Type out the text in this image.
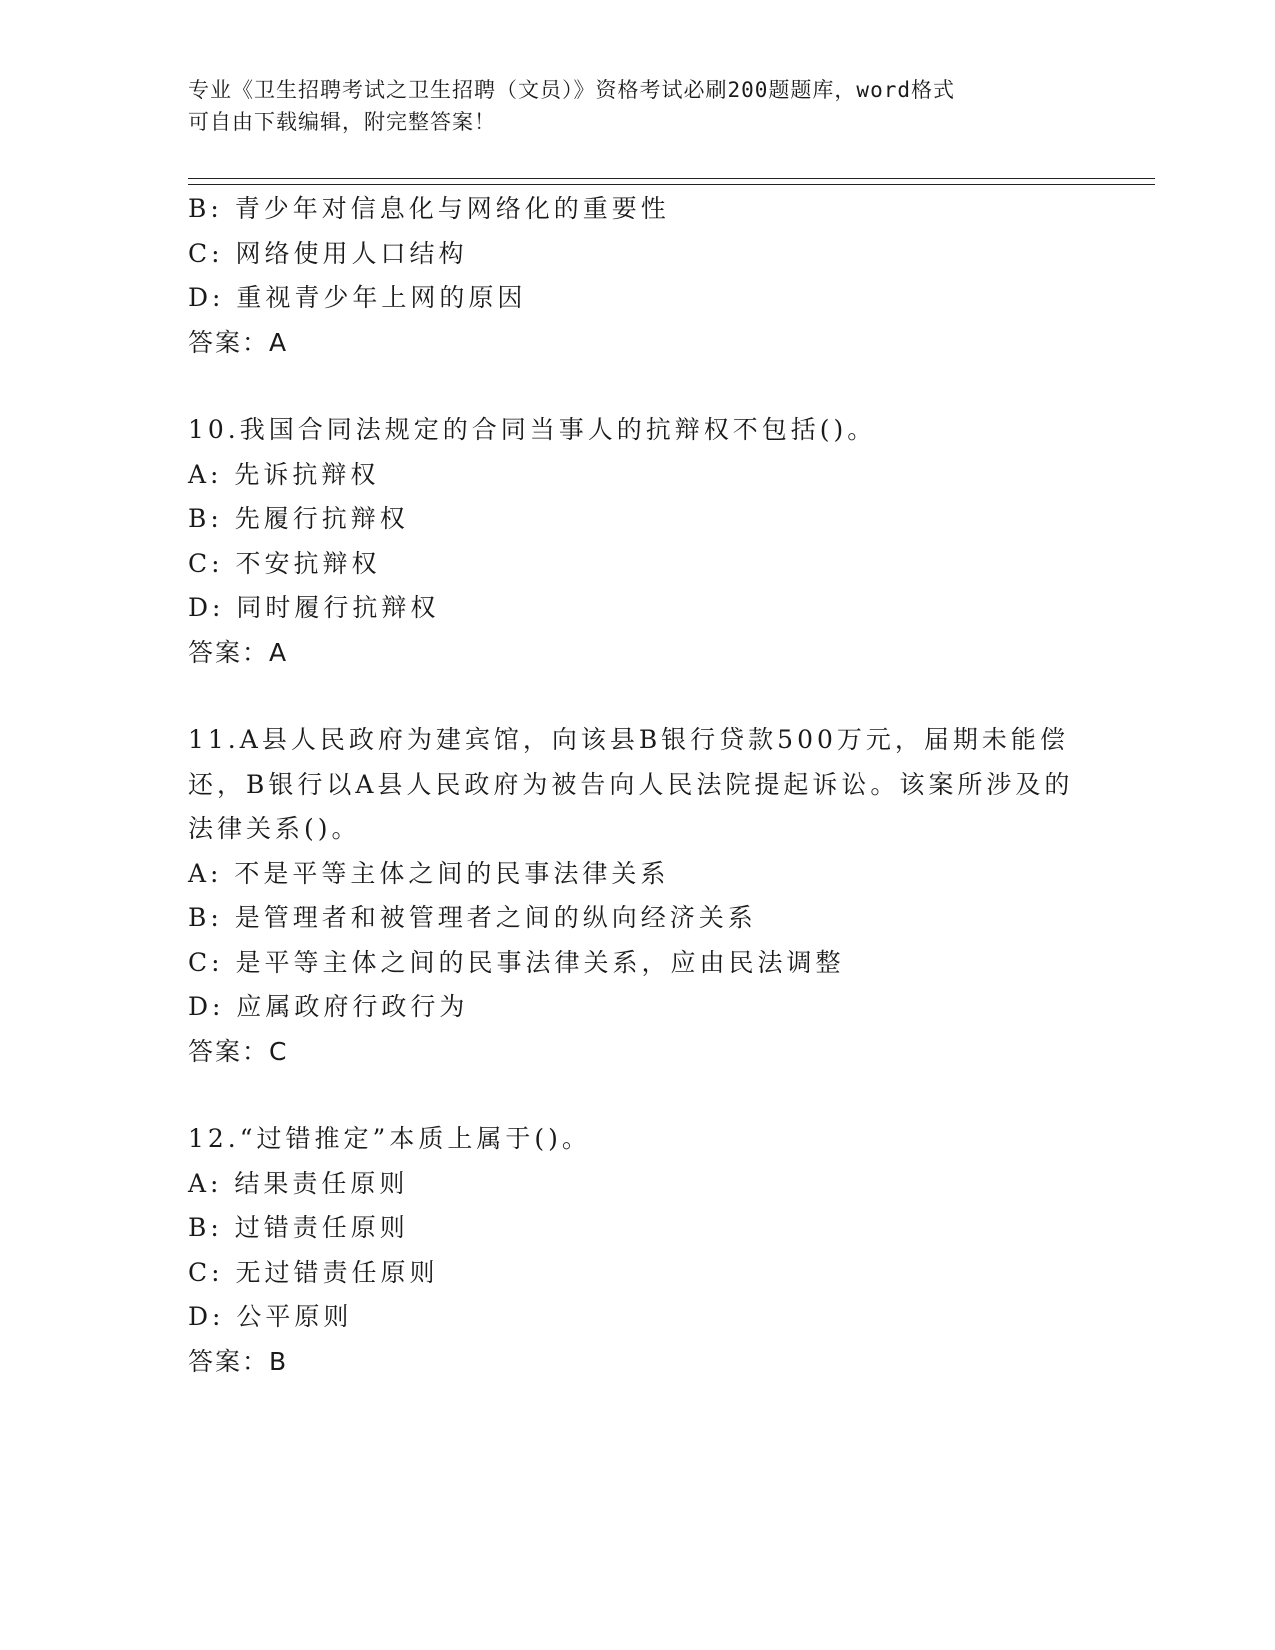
专业《卫生招聘考试之卫生招聘（文员）》资格考试必刷200题题库，word格式
可自由下载编辑，附完整答案！
B: 青少年对信息化与网络化的重要性
C: 网络使用人口结构
D: 重视青少年上网的原因
答案：A
10.我国合同法规定的合同当事人的抗辩权不包括()。
A: 先诉抗辩权
B: 先履行抗辩权
C: 不安抗辩权
D: 同时履行抗辩权
答案：A
11.A县人民政府为建宾馆，向该县B银行贷款500万元，届期未能偿
还，B银行以A县人民政府为被告向人民法院提起诉讼。该案所涉及的
法律关系()。
A: 不是平等主体之间的民事法律关系
B: 是管理者和被管理者之间的纵向经济关系
C: 是平等主体之间的民事法律关系，应由民法调整
D: 应属政府行政行为
答案：C
12.“过错推定”本质上属于()。
A: 结果责任原则
B: 过错责任原则
C: 无过错责任原则
D: 公平原则
答案：B
